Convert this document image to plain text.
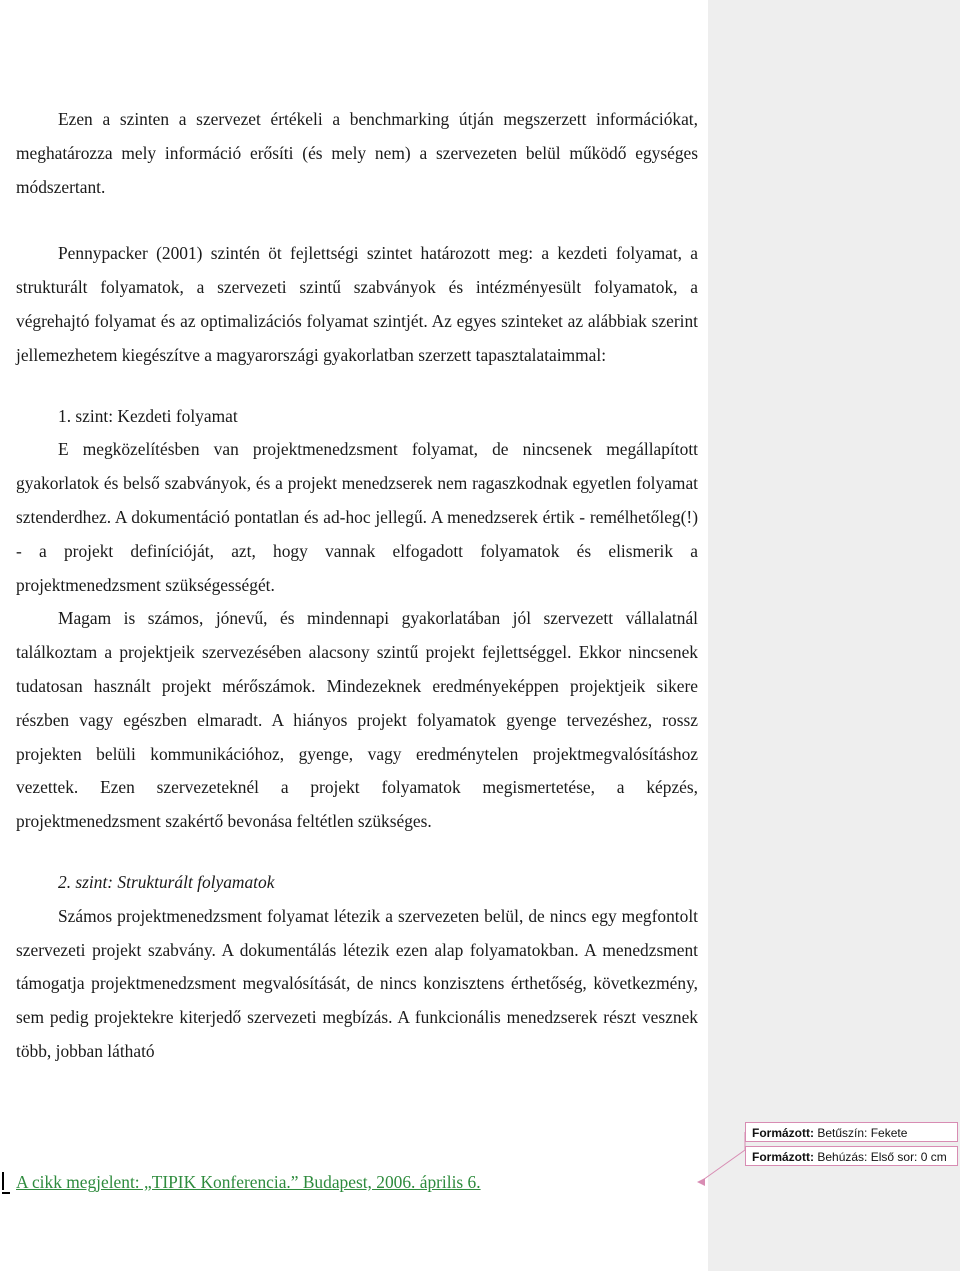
Ezen a szinten a szervezet értékeli a benchmarking útján megszerzett információkat, meghatározza mely információ erősíti (és mely nem) a szervezeten belül működő egységes módszertant.

Pennypacker (2001) szintén öt fejlettségi szintet határozott meg: a kezdeti folyamat, a strukturált folyamatok, a szervezeti szintű szabványok és intézményesült folyamatok, a végrehajtó folyamat és az optimalizációs folyamat szintjét. Az egyes szinteket az alábbiak szerint jellemezhetem kiegészítve a magyarországi gyakorlatban szerzett tapasztalataimmal:

1. szint: Kezdeti folyamat

E megközelítésben van projektmenedzsment folyamat, de nincsenek megállapított gyakorlatok és belső szabványok, és a projekt menedzserek nem ragaszkodnak egyetlen folyamat sztenderdhez. A dokumentáció pontatlan és ad-hoc jellegű. A menedzserek értik - remélhetőleg(!) - a projekt definícióját, azt, hogy vannak elfogadott folyamatok és elismerik a projektmenedzsment szükségességét.

Magam is számos, jónevű, és mindennapi gyakorlatában jól szervezett vállalatnál találkoztam a projektjeik szervezésében alacsony szintű projekt fejlettséggel. Ekkor nincsenek tudatosan használt projekt mérőszámok. Mindezeknek eredményeképpen projektjeik sikere részben vagy egészben elmaradt. A hiányos projekt folyamatok gyenge tervezéshez, rossz projekten belüli kommunikációhoz, gyenge, vagy eredménytelen projektmegvalósításhoz vezettek. Ezen szervezeteknél a projekt folyamatok megismertetése, a képzés, projektmenedzsment szakértő bevonása feltétlen szükséges.

2. szint: Strukturált folyamatok

Számos projektmenedzsment folyamat létezik a szervezeten belül, de nincs egy megfontolt szervezeti projekt szabvány. A dokumentálás létezik ezen alap folyamatokban. A menedzsment támogatja projektmenedzsment megvalósítását, de nincs konzisztens érthetőség, következmény, sem pedig projektekre kiterjedő szervezeti megbízás. A funkcionális menedzserek részt vesznek több, jobban látható

A cikk megjelent: „TIPIK Konferencia.” Budapest, 2006. április 6.
Formázott: Betűszín: Fekete
Formázott: Behúzás: Első sor: 0 cm
